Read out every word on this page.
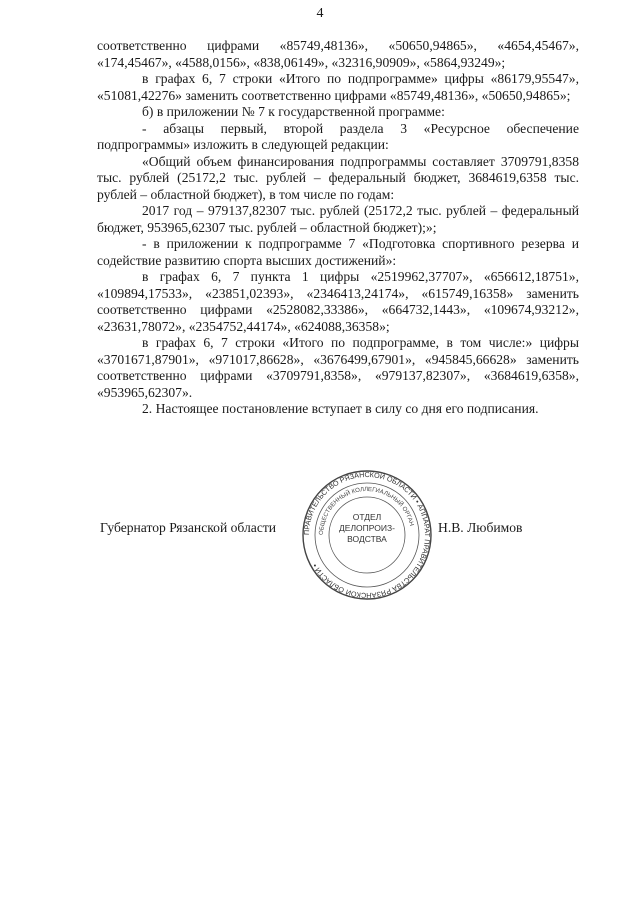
4

соответственно цифрами «85749,48136», «50650,94865», «4654,45467», «174,45467», «4588,0156», «838,06149», «32316,90909», «5864,93249»;

в графах 6, 7 строки «Итого по подпрограмме» цифры «86179,95547», «51081,42276» заменить соответственно цифрами «85749,48136», «50650,94865»;

б) в приложении № 7 к государственной программе:

- абзацы первый, второй раздела 3 «Ресурсное обеспечение подпрограммы» изложить в следующей редакции:

«Общий объем финансирования подпрограммы составляет 3709791,8358 тыс. рублей (25172,2 тыс. рублей – федеральный бюджет, 3684619,6358 тыс. рублей – областной бюджет), в том числе по годам:

2017 год – 979137,82307 тыс. рублей (25172,2 тыс. рублей – федеральный бюджет, 953965,62307 тыс. рублей – областной бюджет);»;

- в приложении к подпрограмме 7 «Подготовка спортивного резерва и содействие развитию спорта высших достижений»:

в графах 6, 7 пункта 1 цифры «2519962,37707», «656612,18751», «109894,17533», «23851,02393», «2346413,24174», «615749,16358» заменить соответственно цифрами «2528082,33386», «664732,1443», «109674,93212», «23631,78072», «2354752,44174», «624088,36358»;

в графах 6, 7 строки «Итого по подпрограмме, в том числе:» цифры «3701671,87901», «971017,86628», «3676499,67901», «945845,66628» заменить соответственно цифрами «3709791,8358», «979137,82307», «3684619,6358», «953965,62307».

2. Настоящее постановление вступает в силу со дня его подписания.

Губернатор Рязанской области	Н.В. Любимов
ПРАВИТЕЛЬСТВО РЯЗАНСКОЙ ОБЛАСТИ • АППАРАТ ПРАВИТЕЛЬСТВА РЯЗАНСКОЙ ОБЛАСТИ •
ОБЩЕСТВЕННЫЙ КОЛЛЕГИАЛЬНЫЙ ОРГАН
ОТДЕЛ
ДЕЛОПРОИЗ-
ВОДСТВА
